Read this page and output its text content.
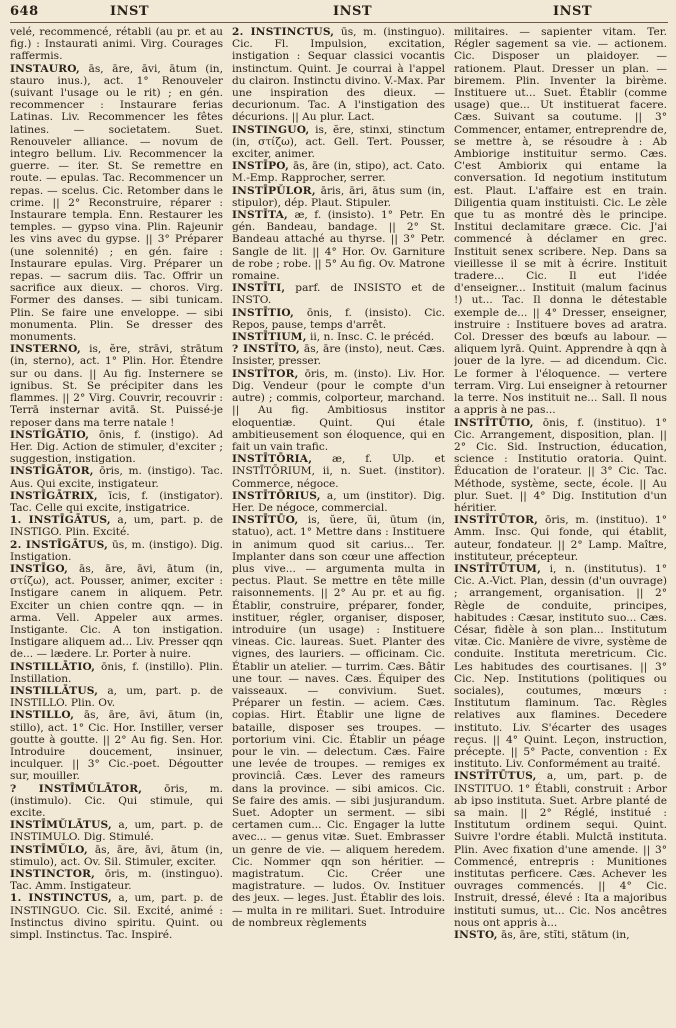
648	INST	INST	INST

velé, recommencé, rétabli (au pr. et au fig.) : Instaurati animi. Virg. Courages raffermis.

INSTAURO, ās, āre, āvi, ātum (in, stauro inus.), act. 1° Renouveler (suivant l'usage ou le rit) ; en gén. recommencer : Instaurare ferias Latinas. Liv. Recommencer les fêtes latines. — societatem. Suet. Renouveler alliance. — novum de integro bellum. Liv. Recommencer la guerre. — iter. St. Se remettre en route. — epulas. Tac. Recommencer un repas. — scelus. Cic. Retomber dans le crime. || 2° Reconstruire, réparer : Instaurare templa. Enn. Restaurer les temples. — gypso vina. Plin. Rajeunir les vins avec du gypse. || 3° Préparer (une solennité) ; en gén. faire : Instaurare epulas. Virg. Préparer un repas. — sacrum diis. Tac. Offrir un sacrifice aux dieux. — choros. Virg. Former des danses. — sibi tunicam. Plin. Se faire une enveloppe. — sibi monumenta. Plin. Se dresser des monuments.

INSTERNO, is, ĕre, strāvi, strātum (in, sterno), act. 1° Plin. Hor. Étendre sur ou dans. || Au fig. Insternere se ignibus. St. Se précipiter dans les flammes. || 2° Virg. Couvrir, recouvrir : Terrā insternar avitā. St. Puissé-je reposer dans ma terre natale !

INSTĪGĀTIO, ōnis, f. (instigo). Ad Her. Dig. Action de stimuler, d'exciter ; suggestion, instigation.

INSTĪGĀTOR, ōris, m. (instigo). Tac. Aus. Qui excite, instigateur.

INSTĪGĀTRIX, īcis, f. (instigator). Tac. Celle qui excite, instigatrice.

1. INSTĪGĀTUS, a, um, part. p. de INSTIGO. Plin. Excité.

2. INSTĪGĀTUS, ūs, m. (instigo). Dig. Instigation.

INSTĪGO, ās, āre, āvi, ātum (in, στίζω), act. Pousser, animer, exciter : Instigare canem in aliquem. Petr. Exciter un chien contre qqn. — in arma. Vell. Appeler aux armes. Instigante. Cic. A ton instigation. Instigare aliquem ad... Liv. Presser qqn de... — lædere. Lr. Porter à nuire.

INSTILLĀTIO, ōnis, f. (instillo). Plin. Instillation.

INSTILLĀTUS, a, um, part. p. de INSTILLO. Plin. Ov.

INSTILLO, ās, āre, āvi, ātum (in, stillo), act. 1° Cic. Hor. Instiller, verser goutte à goutte. || 2° Au fig. Sen. Hor. Introduire doucement, insinuer, inculquer. || 3° Cic.-poet. Dégoutter sur, mouiller.

? INSTĪMŬLĀTOR, ōris, m. (instimulo). Cic. Qui stimule, qui excite.

INSTĪMŬLĀTUS, a, um, part. p. de INSTIMULO. Dig. Stimulé.

INSTĪMŬLO, ās, āre, āvi, ātum (in, stimulo), act. Ov. Sil. Stimuler, exciter.

INSTINCTOR, ōris, m. (instinguo). Tac. Amm. Instigateur.

1. INSTINCTUS, a, um, part. p. de INSTINGUO. Cic. Sil. Excité, animé : Instinctus divino spiritu. Quint. ou simpl. Instinctus. Tac. Inspiré.

2. INSTINCTUS, ūs, m. (instinguo). Cic. Fl. Impulsion, excitation, instigation : Sequar classici vocantis instinctum. Quint. Je courrai à l'appel du clairon. Instinctu divino. V.-Max. Par une inspiration des dieux. — decurionum. Tac. A l'instigation des décurions. || Au plur. Lact.

INSTINGUO, is, ĕre, stinxi, stinctum (in, στίζω), act. Gell. Tert. Pousser, exciter, animer.

INSTĪPO, ās, āre (in, stipo), act. Cato. M.-Emp. Rapprocher, serrer.

INSTĪPŬLOR, āris, āri, ātus sum (in, stipulor), dép. Plaut. Stipuler.

INSTĪTA, æ, f. (insisto). 1° Petr. En gén. Bandeau, bandage. || 2° St. Bandeau attaché au thyrse. || 3° Petr. Sangle de lit. || 4° Hor. Ov. Garniture de robe ; robe. || 5° Au fig. Ov. Matrone romaine.

INSTĪTI, parf. de INSISTO et de INSTO.

INSTĪTIO, ōnis, f. (insisto). Cic. Repos, pause, temps d'arrêt.

INSTĪTIUM, ii, n. Insc. C. le précéd.

? INSTĪTO, ās, āre (insto), neut. Cæs. Insister, presser.

INSTĪTOR, ōris, m. (insto). Liv. Hor. Dig. Vendeur (pour le compte d'un autre) ; commis, colporteur, marchand. || Au fig. Ambitiosus institor eloquentiæ. Quint. Qui étale ambitieusement son éloquence, qui en fait un vain trafic.

INSTĪTŌRIA, æ, f. Ulp. et INSTĪTŌRIUM, ii, n. Suet. (institor). Commerce, négoce.

INSTĪTŌRIUS, a, um (institor). Dig. Her. De négoce, commercial.

INSTĪTŪO, is, ŭere, ŭi, ūtum (in, statuo), act. 1° Mettre dans : Instituere in animum quod sit carius... Ter. Implanter dans son cœur une affection plus vive... — argumenta multa in pectus. Plaut. Se mettre en tête mille raisonnements. || 2° Au pr. et au fig. Établir, construire, préparer, fonder, instituer, régler, organiser, disposer, introduire (un usage) : Instituere vineas. Cic. laureas. Suet. Planter des vignes, des lauriers. — officinam. Cic. Établir un atelier. — turrim. Cæs. Bâtir une tour. — naves. Cæs. Équiper des vaisseaux. — convivium. Suet. Préparer un festin. — aciem. Cæs. copias. Hirt. Établir une ligne de bataille, disposer ses troupes. — portorium vini. Cic. Établir un péage pour le vin. — delectum. Cæs. Faire une levée de troupes. — remiges ex provinciâ. Cæs. Lever des rameurs dans la province. — sibi amicos. Cic. Se faire des amis. — sibi jusjurandum. Suet. Adopter un serment. — sibi certamen cum... Cic. Engager la lutte avec... — genus vitæ. Suet. Embrasser un genre de vie. — aliquem heredem. Cic. Nommer qqn son héritier. — magistratum. Cic. Créer une magistrature. — ludos. Ov. Instituer des jeux. — leges. Just. Établir des lois. — multa in re militari. Suet. Introduire de nombreux règlements

militaires. — sapienter vitam. Ter. Régler sagement sa vie. — actionem. Cic. Disposer un plaidoyer. — rationem. Plaut. Dresser un plan. — biremem. Plin. Inventer la birème. Instituere ut... Suet. Établir (comme usage) que... Ut instituerat facere. Cæs. Suivant sa coutume. || 3° Commencer, entamer, entreprendre de, se mettre à, se résoudre à : Ab Ambiorige instituitur sermo. Cæs. C'est Ambiorix qui entame la conversation. Id negotium institutum est. Plaut. L'affaire est en train. Diligentia quam instituisti. Cic. Le zèle que tu as montré dès le principe. Institui declamitare græce. Cic. J'ai commencé à déclamer en grec. Instituit senex scribere. Nep. Dans sa vieillesse il se mit à écrire. Instituit tradere... Cic. Il eut l'idée d'enseigner... Instituit (malum facinus !) ut... Tac. Il donna le détestable exemple de... || 4° Dresser, enseigner, instruire : Instituere boves ad aratra. Col. Dresser des bœufs au labour. — aliquem lyrā. Quint. Apprendre à qqn à jouer de la lyre. — ad dicendum. Cic. Le former à l'éloquence. — vertere terram. Virg. Lui enseigner à retourner la terre. Nos instituit ne... Sall. Il nous a appris à ne pas...

INSTĪTŪTIO, ōnis, f. (instituo). 1° Cic. Arrangement, disposition, plan. || 2° Cic. Sid. Instruction, éducation, science : Institutio oratoria. Quint. Éducation de l'orateur. || 3° Cic. Tac. Méthode, système, secte, école. || Au plur. Suet. || 4° Dig. Institution d'un héritier.

INSTĪTŪTOR, ōris, m. (instituo). 1° Amm. Insc. Qui fonde, qui établit, auteur, fondateur. || 2° Lamp. Maître, instituteur, précepteur.

INSTĪTŪTUM, i, n. (institutus). 1° Cic. A.-Vict. Plan, dessin (d'un ouvrage) ; arrangement, organisation. || 2° Règle de conduite, principes, habitudes : Cæsar, instituto suo... Cæs. César, fidèle à son plan... Institutum vitæ. Cic. Manière de vivre, système de conduite. Instituta meretricum. Cic. Les habitudes des courtisanes. || 3° Cic. Nep. Institutions (politiques ou sociales), coutumes, mœurs : Institutum flaminum. Tac. Règles relatives aux flamines. Decedere instituto. Liv. S'écarter des usages reçus. || 4° Quint. Leçon, instruction, précepte. || 5° Pacte, convention : Ex instituto. Liv. Conformément au traité.

INSTĪTŪTUS, a, um, part. p. de INSTITUO. 1° Établi, construit : Arbor ab ipso instituta. Suet. Arbre planté de sa main. || 2° Réglé, institué : Institutum ordinem sequi. Quint. Suivre l'ordre établi. Mulctā instituta. Plin. Avec fixation d'une amende. || 3° Commencé, entrepris : Munitiones institutas perficere. Cæs. Achever les ouvrages commencés. || 4° Cic. Instruit, dressé, élevé : Ita a majoribus instituti sumus, ut... Cic. Nos ancêtres nous ont appris à...

INSTO, ās, āre, stĭti, stātum (in,
